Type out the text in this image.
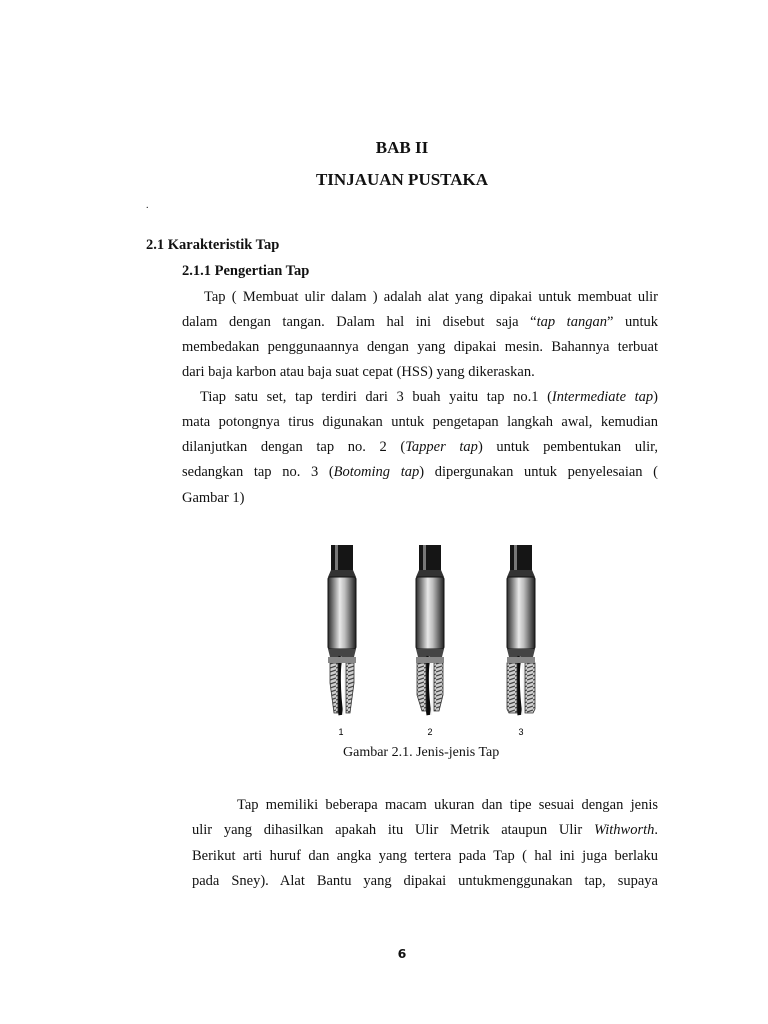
BAB II
TINJAUAN PUSTAKA
.
2.1 Karakteristik Tap
2.1.1 Pengertian Tap
Tap ( Membuat ulir dalam ) adalah alat yang dipakai untuk membuat ulir
dalam dengan tangan. Dalam hal ini disebut saja “tap tangan” untuk
membedakan penggunaannya dengan yang dipakai mesin. Bahannya terbuat
dari baja karbon atau baja suat cepat (HSS) yang dikeraskan.
Tiap satu set, tap terdiri dari 3 buah yaitu tap no.1 (Intermediate tap)
mata potongnya tirus digunakan untuk pengetapan langkah awal, kemudian
dilanjutkan dengan tap no. 2 (Tapper tap) untuk pembentukan ulir,
sedangkan tap no. 3 (Botoming tap) dipergunakan untuk penyelesaian (
Gambar 1)
1	2	3
Gambar 2.1. Jenis-jenis Tap
Tap memiliki beberapa macam ukuran dan tipe sesuai dengan jenis
ulir yang dihasilkan apakah itu Ulir Metrik ataupun Ulir Withworth.
Berikut arti huruf dan angka yang tertera pada Tap ( hal ini juga berlaku
pada Sney). Alat Bantu yang dipakai untukmenggunakan tap, supaya
6
